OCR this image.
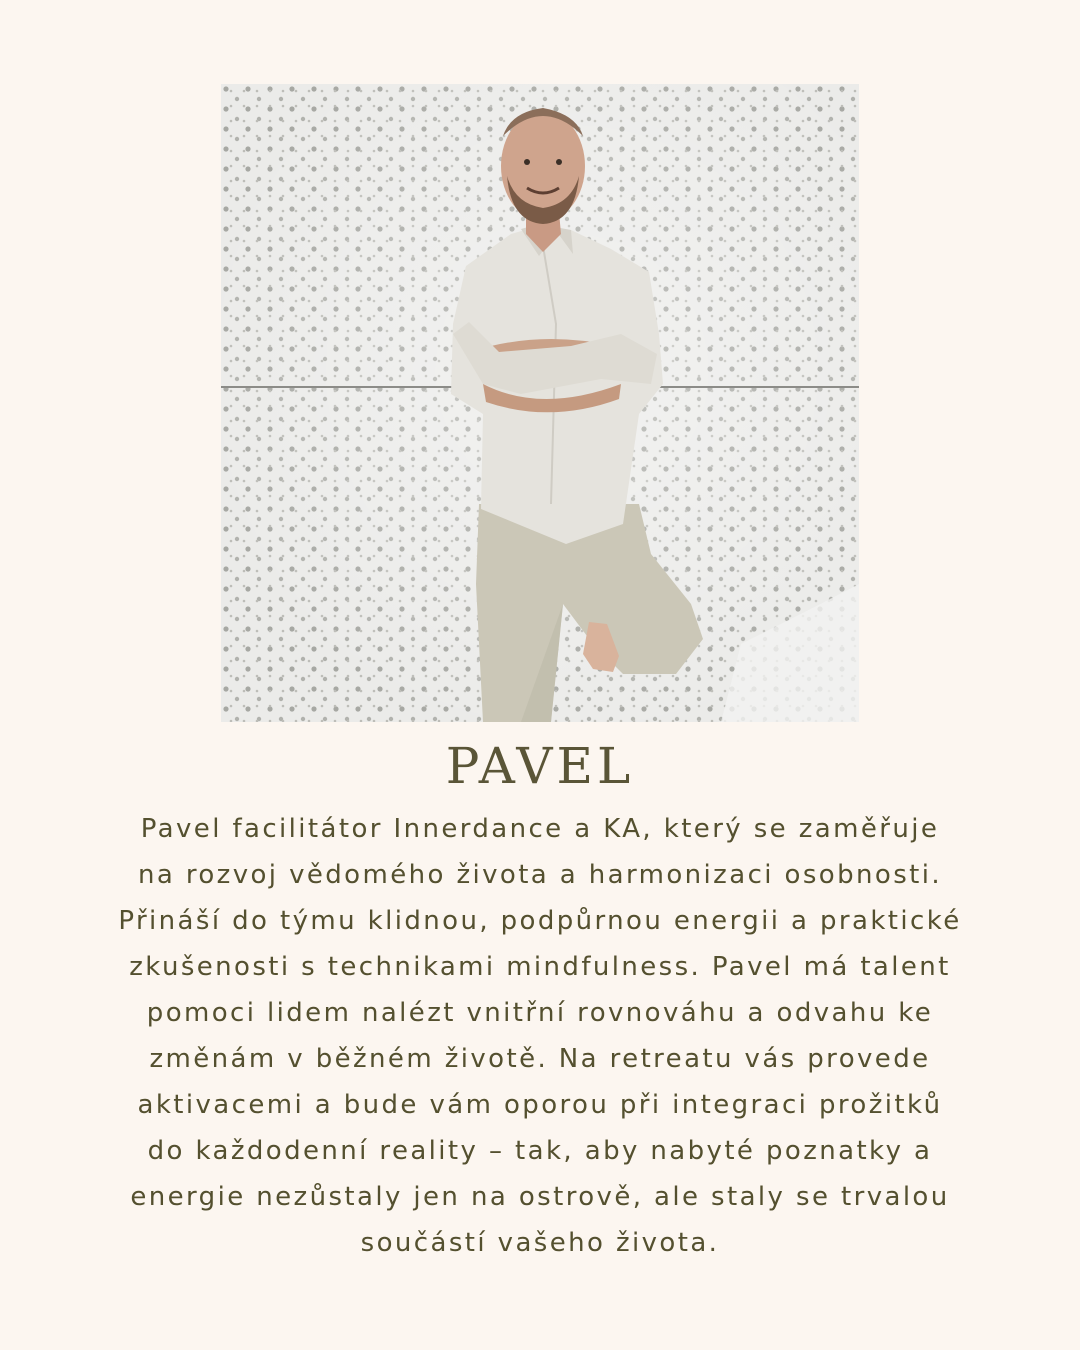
PAVEL

Pavel facilitátor Innerdance a KA, který se zaměřuje
na rozvoj vědomého života a harmonizaci osobnosti.
Přináší do týmu klidnou, podpůrnou energii a praktické
zkušenosti s technikami mindfulness. Pavel má talent
pomoci lidem nalézt vnitřní rovnováhu a odvahu ke
změnám v běžném životě. Na retreatu vás provede
aktivacemi a bude vám oporou při integraci prožitků
do každodenní reality – tak, aby nabyté poznatky a
energie nezůstaly jen na ostrově, ale staly se trvalou
součástí vašeho života.
